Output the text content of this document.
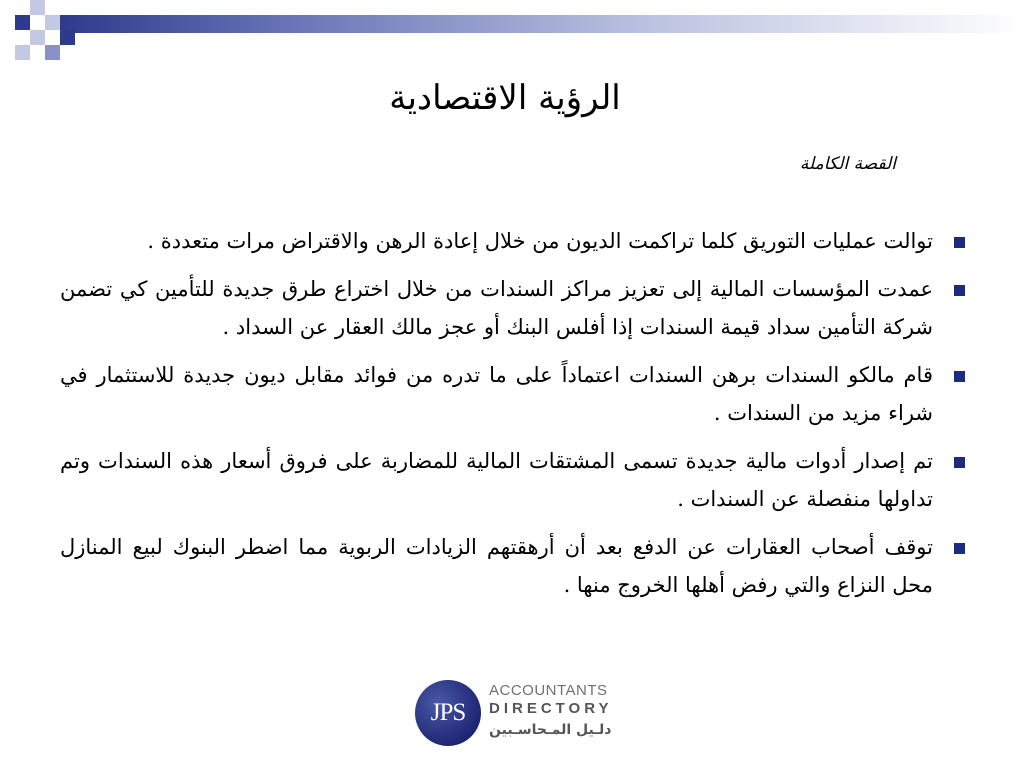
الرؤية الاقتصادية
القصة الكاملة
توالت عمليات التوريق كلما تراكمت الديون من خلال إعادة الرهن والاقتراض مرات متعددة .
عمدت المؤسسات المالية إلى تعزيز مراكز السندات من خلال اختراع طرق جديدة للتأمين كي تضمن شركة التأمين سداد قيمة السندات إذا أفلس البنك أو عجز مالك العقار عن السداد .
قام مالكو السندات برهن السندات اعتماداً على ما تدره من فوائد مقابل ديون جديدة للاستثمار في شراء مزيد من السندات .
تم إصدار أدوات مالية جديدة تسمى المشتقات المالية للمضاربة على فروق أسعار هذه السندات وتم تداولها منفصلة عن السندات .
توقف أصحاب العقارات عن الدفع بعد أن أرهقتهم الزيادات الربوية مما اضطر البنوك لبيع المنازل محل النزاع والتي رفض أهلها الخروج منها .
JPS
ACCOUNTANTS
DIRECTORY
دلـيل المـحاسـبين
